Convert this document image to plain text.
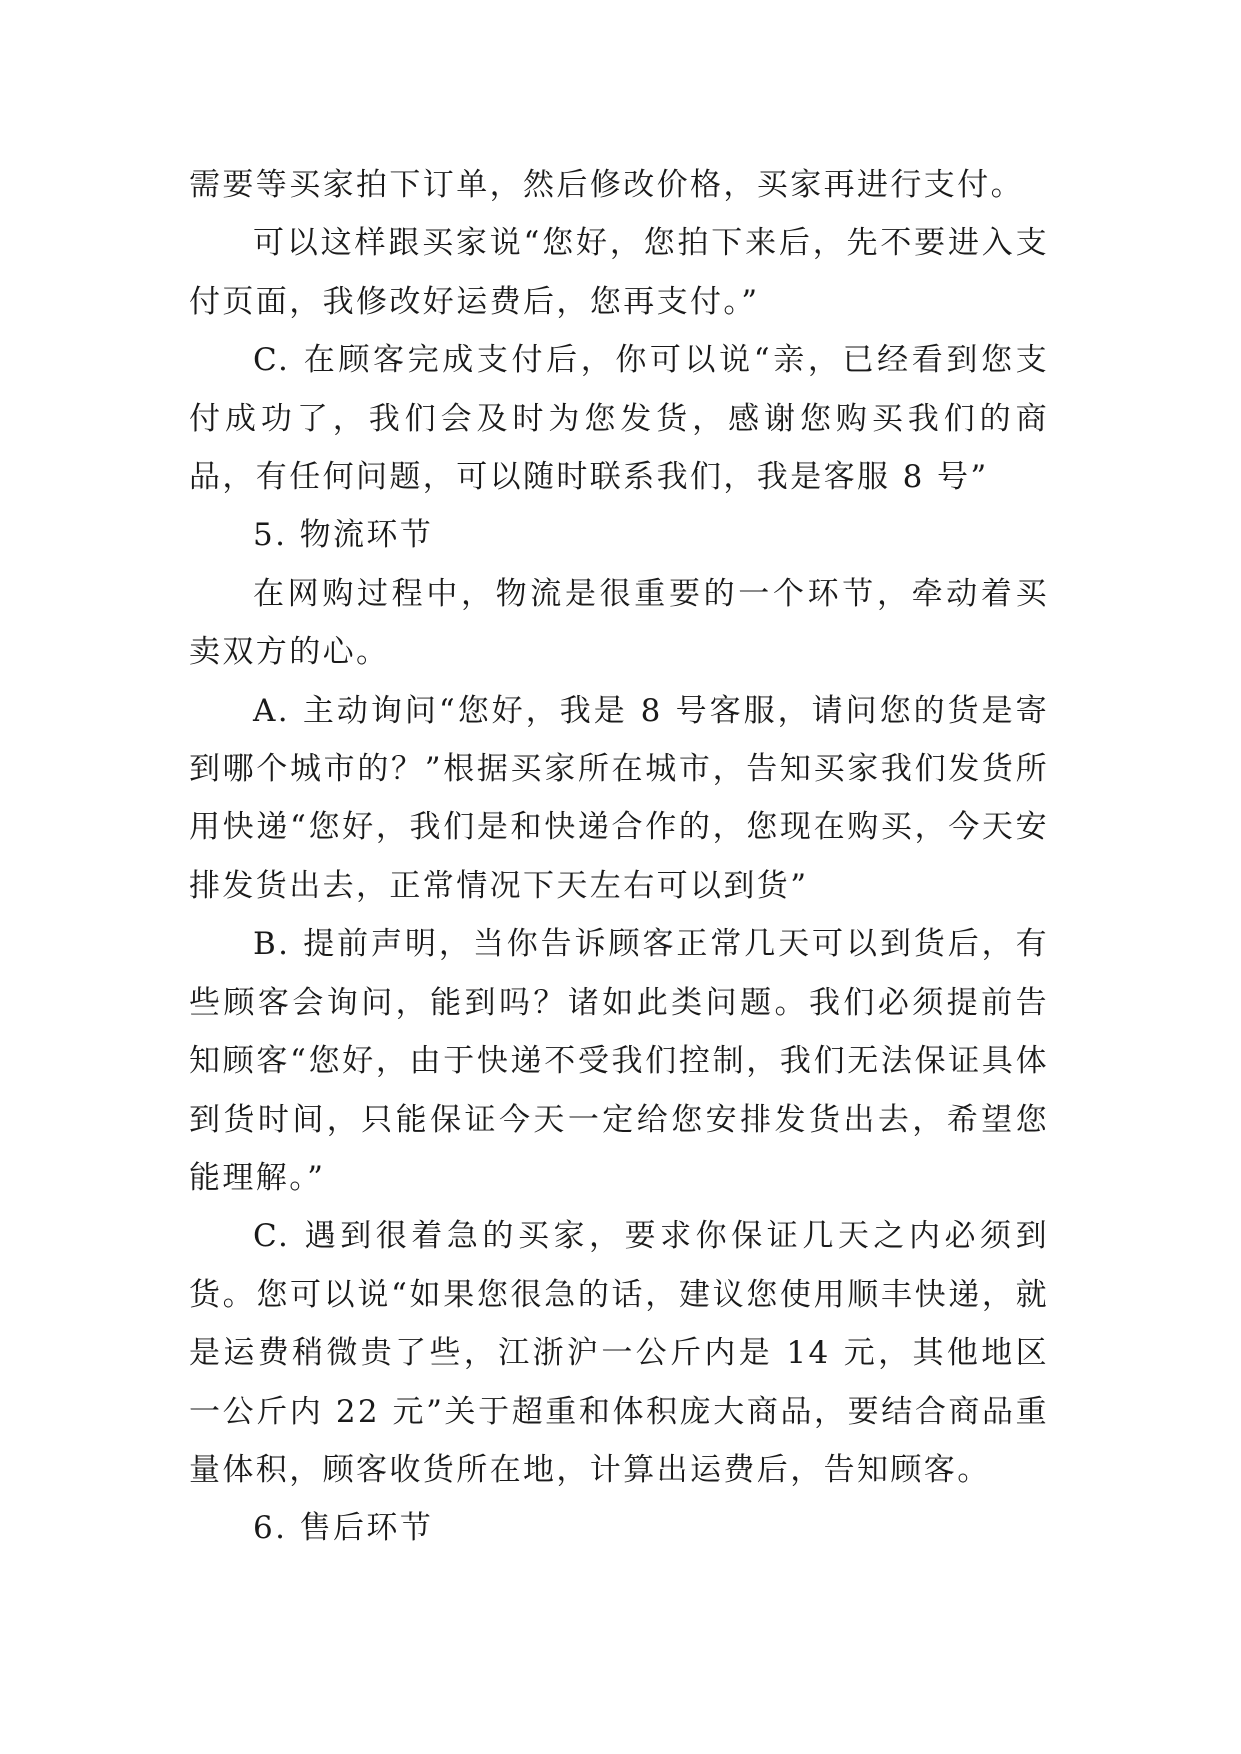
需要等买家拍下订单，然后修改价格，买家再进行支付。

可以这样跟买家说“您好，您拍下来后，先不要进入支付页面，我修改好运费后，您再支付。”

C. 在顾客完成支付后，你可以说“亲，已经看到您支付成功了，我们会及时为您发货，感谢您购买我们的商品，有任何问题，可以随时联系我们，我是客服 8 号”

5. 物流环节

在网购过程中，物流是很重要的一个环节，牵动着买卖双方的心。

A. 主动询问“您好，我是 8 号客服，请问您的货是寄到哪个城市的？”根据买家所在城市，告知买家我们发货所用快递“您好，我们是和快递合作的，您现在购买，今天安排发货出去，正常情况下天左右可以到货”

B. 提前声明，当你告诉顾客正常几天可以到货后，有些顾客会询问，能到吗？诸如此类问题。我们必须提前告知顾客“您好，由于快递不受我们控制，我们无法保证具体到货时间，只能保证今天一定给您安排发货出去，希望您能理解。”

C. 遇到很着急的买家，要求你保证几天之内必须到货。您可以说“如果您很急的话，建议您使用顺丰快递，就是运费稍微贵了些，江浙沪一公斤内是 14 元，其他地区一公斤内 22 元”关于超重和体积庞大商品，要结合商品重量体积，顾客收货所在地，计算出运费后，告知顾客。

6. 售后环节
